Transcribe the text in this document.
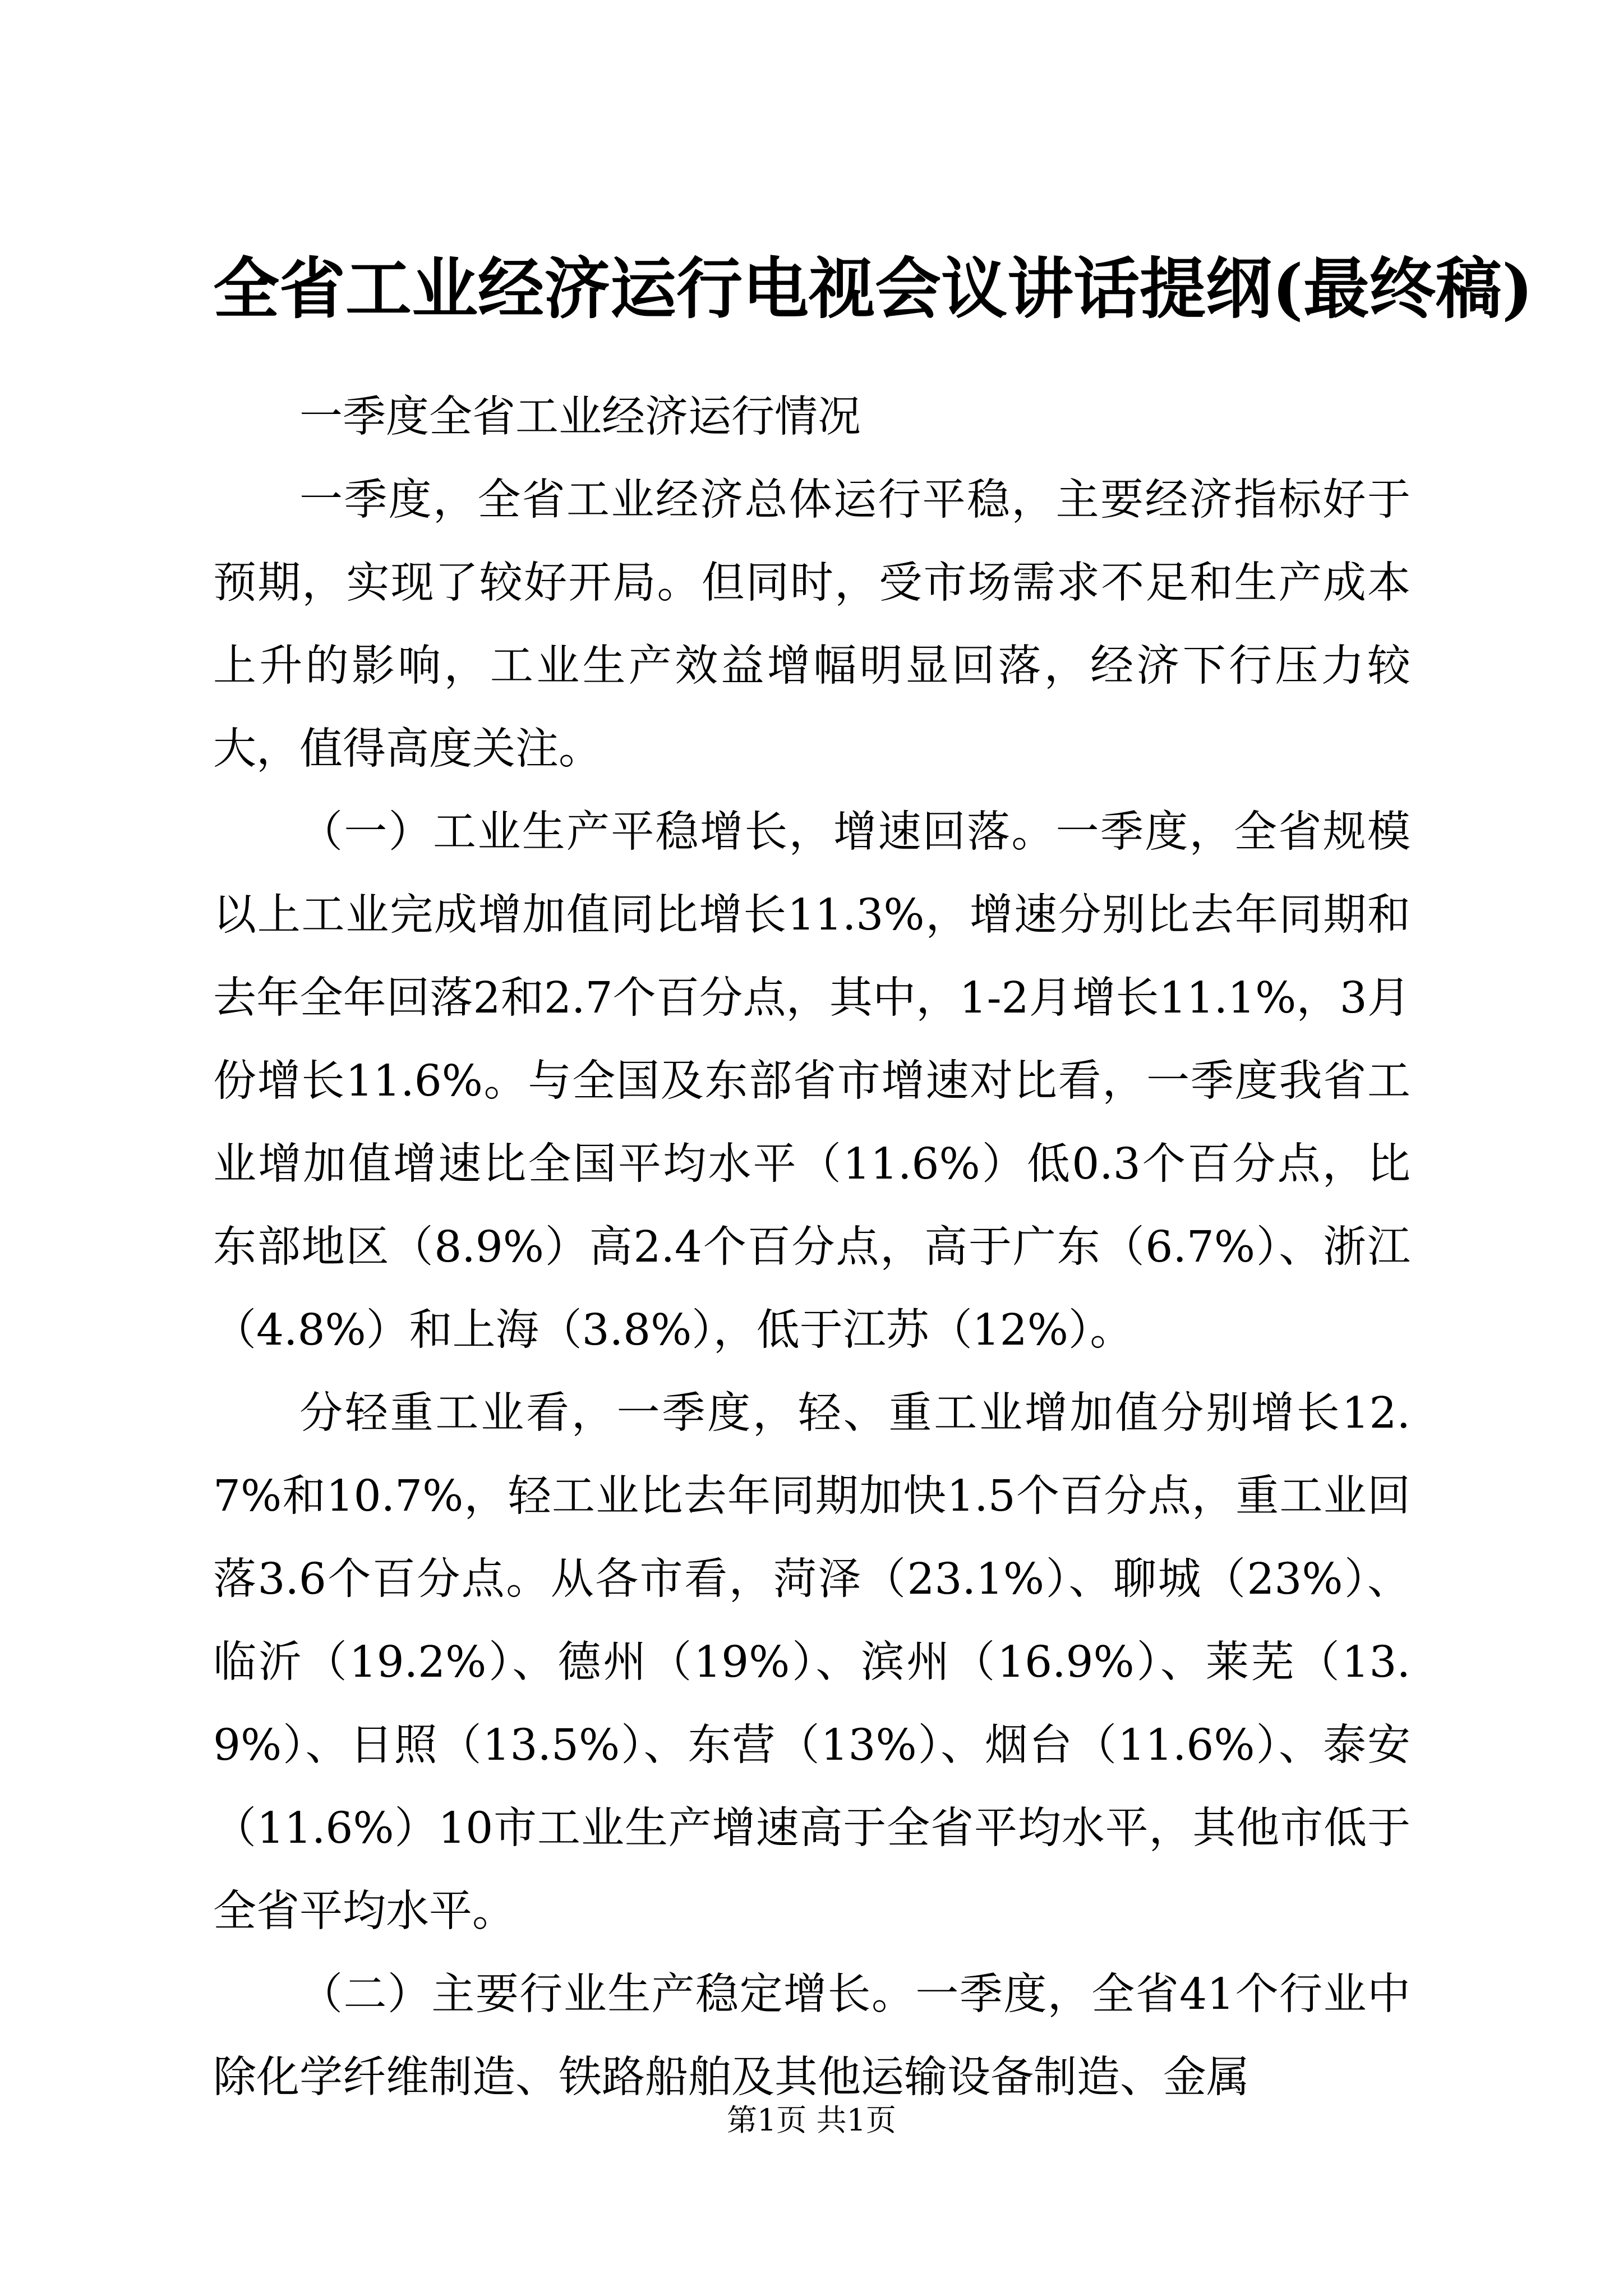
全省工业经济运行电视会议讲话提纲(最终稿)

一季度全省工业经济运行情况

一季度，全省工业经济总体运行平稳，主要经济指标好于预期，实现了较好开局。但同时，受市场需求不足和生产成本上升的影响，工业生产效益增幅明显回落，经济下行压力较大，值得高度关注。

（一）工业生产平稳增长，增速回落。一季度，全省规模以上工业完成增加值同比增长11.3%，增速分别比去年同期和去年全年回落2和2.7个百分点，其中，1-2月增长11.1%，3月份增长11.6%。与全国及东部省市增速对比看，一季度我省工业增加值增速比全国平均水平（11.6%）低0.3个百分点，比东部地区（8.9%）高2.4个百分点，高于广东（6.7%）、浙江（4.8%）和上海（3.8%），低于江苏（12%）。

分轻重工业看，一季度，轻、重工业增加值分别增长12.7%和10.7%，轻工业比去年同期加快1.5个百分点，重工业回落3.6个百分点。从各市看，菏泽（23.1%）、聊城（23%）、临沂（19.2%）、德州（19%）、滨州（16.9%）、莱芜（13.9%）、日照（13.5%）、东营（13%）、烟台（11.6%）、泰安（11.6%）10市工业生产增速高于全省平均水平，其他市低于全省平均水平。

（二）主要行业生产稳定增长。一季度，全省41个行业中除化学纤维制造、铁路船舶及其他运输设备制造、金属

第1页 共1页
